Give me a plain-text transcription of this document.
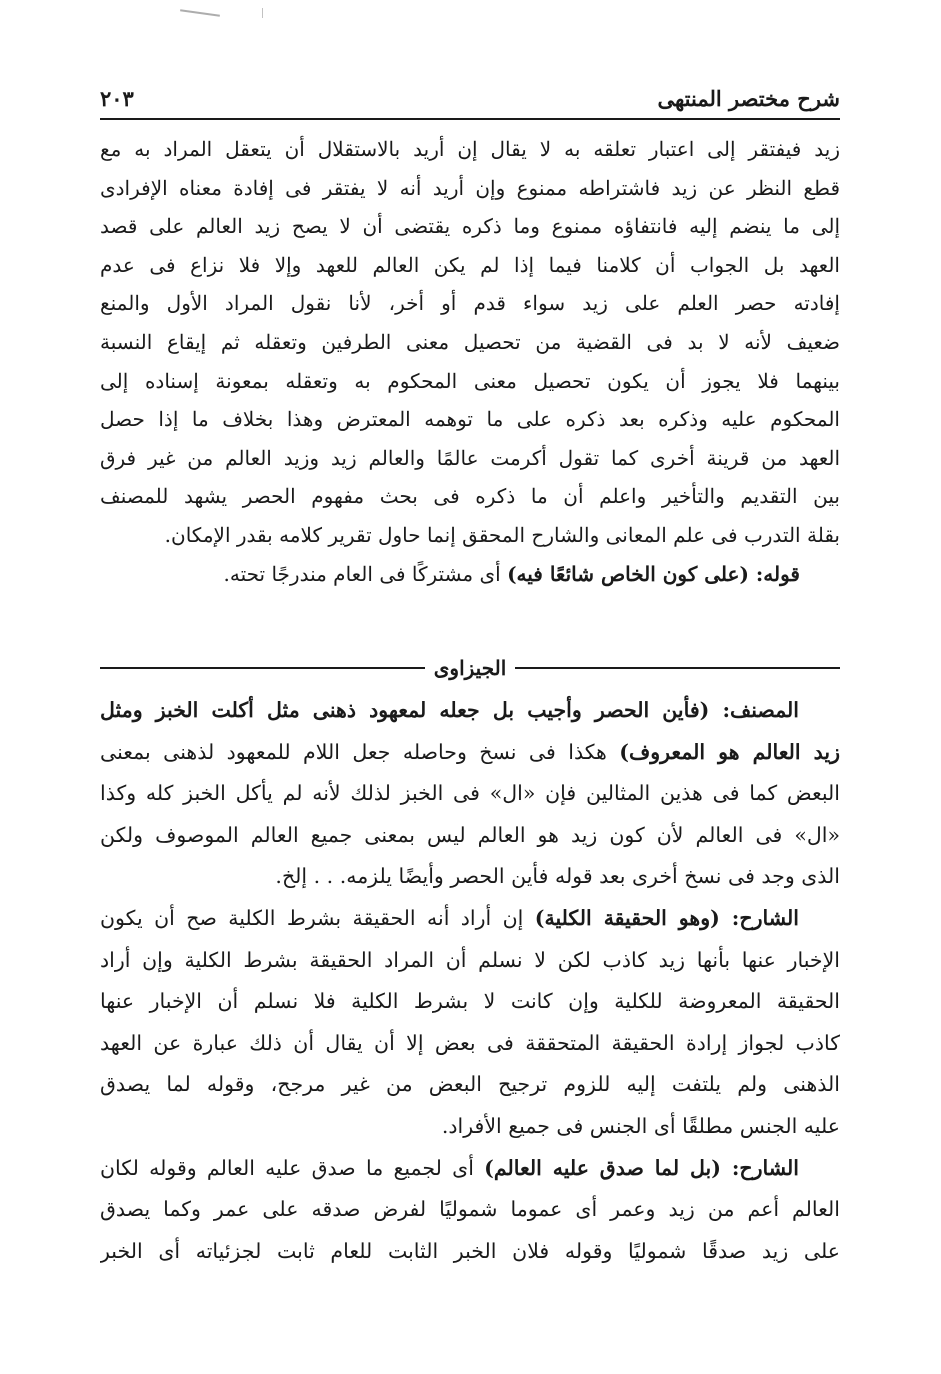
شرح مختصر المنتهى
٢٠٣
زيد فيفتقر إلى اعتبار تعلقه به لا يقال إن أريد بالاستقلال أن يتعقل المراد به مع
قطع النظر عن زيد فاشتراطه ممنوع وإن أريد أنه لا يفتقر فى إفادة معناه الإفرادى
إلى ما ينضم إليه فانتفاؤه ممنوع وما ذكره يقتضى أن لا يصح زيد العالم على قصد
العهد بل الجواب أن كلامنا فيما إذا لم يكن العالم للعهد وإلا فلا نزاع فى عدم
إفادته حصر العلم على زيد سواء قدم أو أخر، لأنا نقول المراد الأول والمنع
ضعيف لأنه لا بد فى القضية من تحصيل معنى الطرفين وتعقله ثم إيقاع النسبة
بينهما فلا يجوز أن يكون تحصيل معنى المحكوم به وتعقله بمعونة إسناده إلى
المحكوم عليه وذكره بعد ذكره على ما توهمه المعترض وهذا بخلاف ما إذا حصل
العهد من قرينة أخرى كما تقول أكرمت عالمًا والعالم زيد وزيد العالم من غير فرق
بين التقديم والتأخير واعلم أن ما ذكره فى بحث مفهوم الحصر يشهد للمصنف
بقلة التدرب فى علم المعانى والشارح المحقق إنما حاول تقرير كلامه بقدر الإمكان.
  قوله: (على كون الخاص شائعًا فيه) أى مشتركًا فى العام مندرجًا تحته.
الجيزاوى
  المصنف: (فأين الحصر وأجيب بل جعله لمعهود ذهنى مثل أكلت الخبز ومثل
زيد العالم هو المعروف) هكذا فى نسخ وحاصله جعل اللام للمعهود لذهنى بمعنى
البعض كما فى هذين المثالين فإن «ال» فى الخبز لذلك لأنه لم يأكل الخبز كله وكذا
«ال» فى العالم لأن كون زيد هو العالم ليس بمعنى جميع العالم الموصوف ولكن
الذى وجد فى نسخ أخرى بعد قوله فأين الحصر وأيضًا يلزمه. . . إلخ.
  الشارح: (وهو الحقيقة الكلية) إن أراد أنه الحقيقة بشرط الكلية صح أن يكون
الإخبار عنها بأنها زيد كاذب لكن لا نسلم أن المراد الحقيقة بشرط الكلية وإن أراد
الحقيقة المعروضة للكلية وإن كانت لا بشرط الكلية فلا نسلم أن الإخبار عنها
كاذب لجواز إرادة الحقيقة المتحققة فى بعض إلا أن يقال أن ذلك عبارة عن العهد
الذهنى ولم يلتفت إليه للزوم ترجيح البعض من غير مرجح، وقوله لما يصدق
عليه الجنس مطلقًا أى الجنس فى جميع الأفراد.
  الشارح: (بل لما صدق عليه العالم) أى لجميع ما صدق عليه العالم وقوله لكان
العالم أعم من زيد وعمر أى عموما شموليًا لفرض صدقه على عمر وكما يصدق
على زيد صدقًا شموليًا وقوله فلان الخبر الثابت للعام ثابت لجزئياته أى الخبر
